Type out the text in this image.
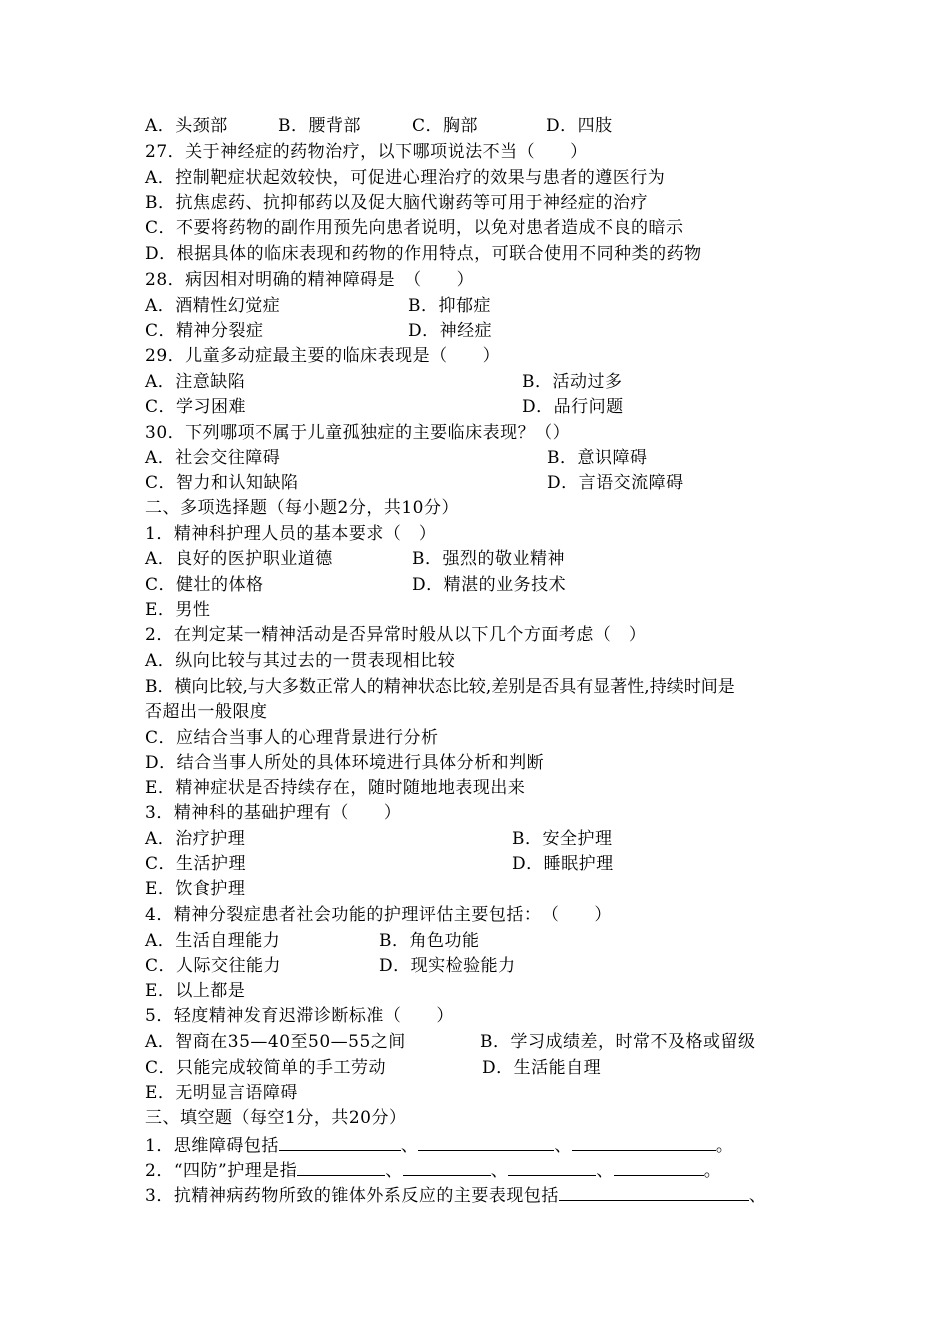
A．头颈部	B．腰背部	C．胸部	D．四肢
27．关于神经症的药物治疗，以下哪项说法不当（　　）
A．控制靶症状起效较快，可促进心理治疗的效果与患者的遵医行为
B．抗焦虑药、抗抑郁药以及促大脑代谢药等可用于神经症的治疗
C．不要将药物的副作用预先向患者说明，以免对患者造成不良的暗示
D．根据具体的临床表现和药物的作用特点，可联合使用不同种类的药物
28．病因相对明确的精神障碍是　（　　）
A．酒精性幻觉症	B．抑郁症
C．精神分裂症	D．神经症
29．儿童多动症最主要的临床表现是（　　）
A．注意缺陷	B．活动过多
C．学习困难	D．品行问题
30．下列哪项不属于儿童孤独症的主要临床表现？（）
A．社会交往障碍	B．意识障碍
C．智力和认知缺陷	D．言语交流障碍
二、多项选择题（每小题2分，共10分）
1．精神科护理人员的基本要求（　）
A．良好的医护职业道德	B．强烈的敬业精神
C．健壮的体格	D．精湛的业务技术
E．男性
2．在判定某一精神活动是否异常时般从以下几个方面考虑（　）
A．纵向比较与其过去的一贯表现相比较
B．横向比较,与大多数正常人的精神状态比较,差别是否具有显著性,持续时间是
否超出一般限度
C．应结合当事人的心理背景进行分析
D．结合当事人所处的具体环境进行具体分析和判断
E．精神症状是否持续存在，随时随地地表现出来
3．精神科的基础护理有（　　）
A．治疗护理	B．安全护理
C．生活护理	D．睡眠护理
E．饮食护理
4．精神分裂症患者社会功能的护理评估主要包括：　（　　）
A．生活自理能力	B．角色功能
C．人际交往能力	D．现实检验能力
E．以上都是
5．轻度精神发育迟滞诊断标准（　　）
A．智商在35—40至50—55之间	B．学习成绩差，时常不及格或留级
C．只能完成较简单的手工劳动	D．生活能自理
E．无明显言语障碍
三、填空题（每空1分，共20分）
1．思维障碍包括	、	、	。
2．“四防”护理是指	、	、	、	。
3．抗精神病药物所致的锥体外系反应的主要表现包括	、
